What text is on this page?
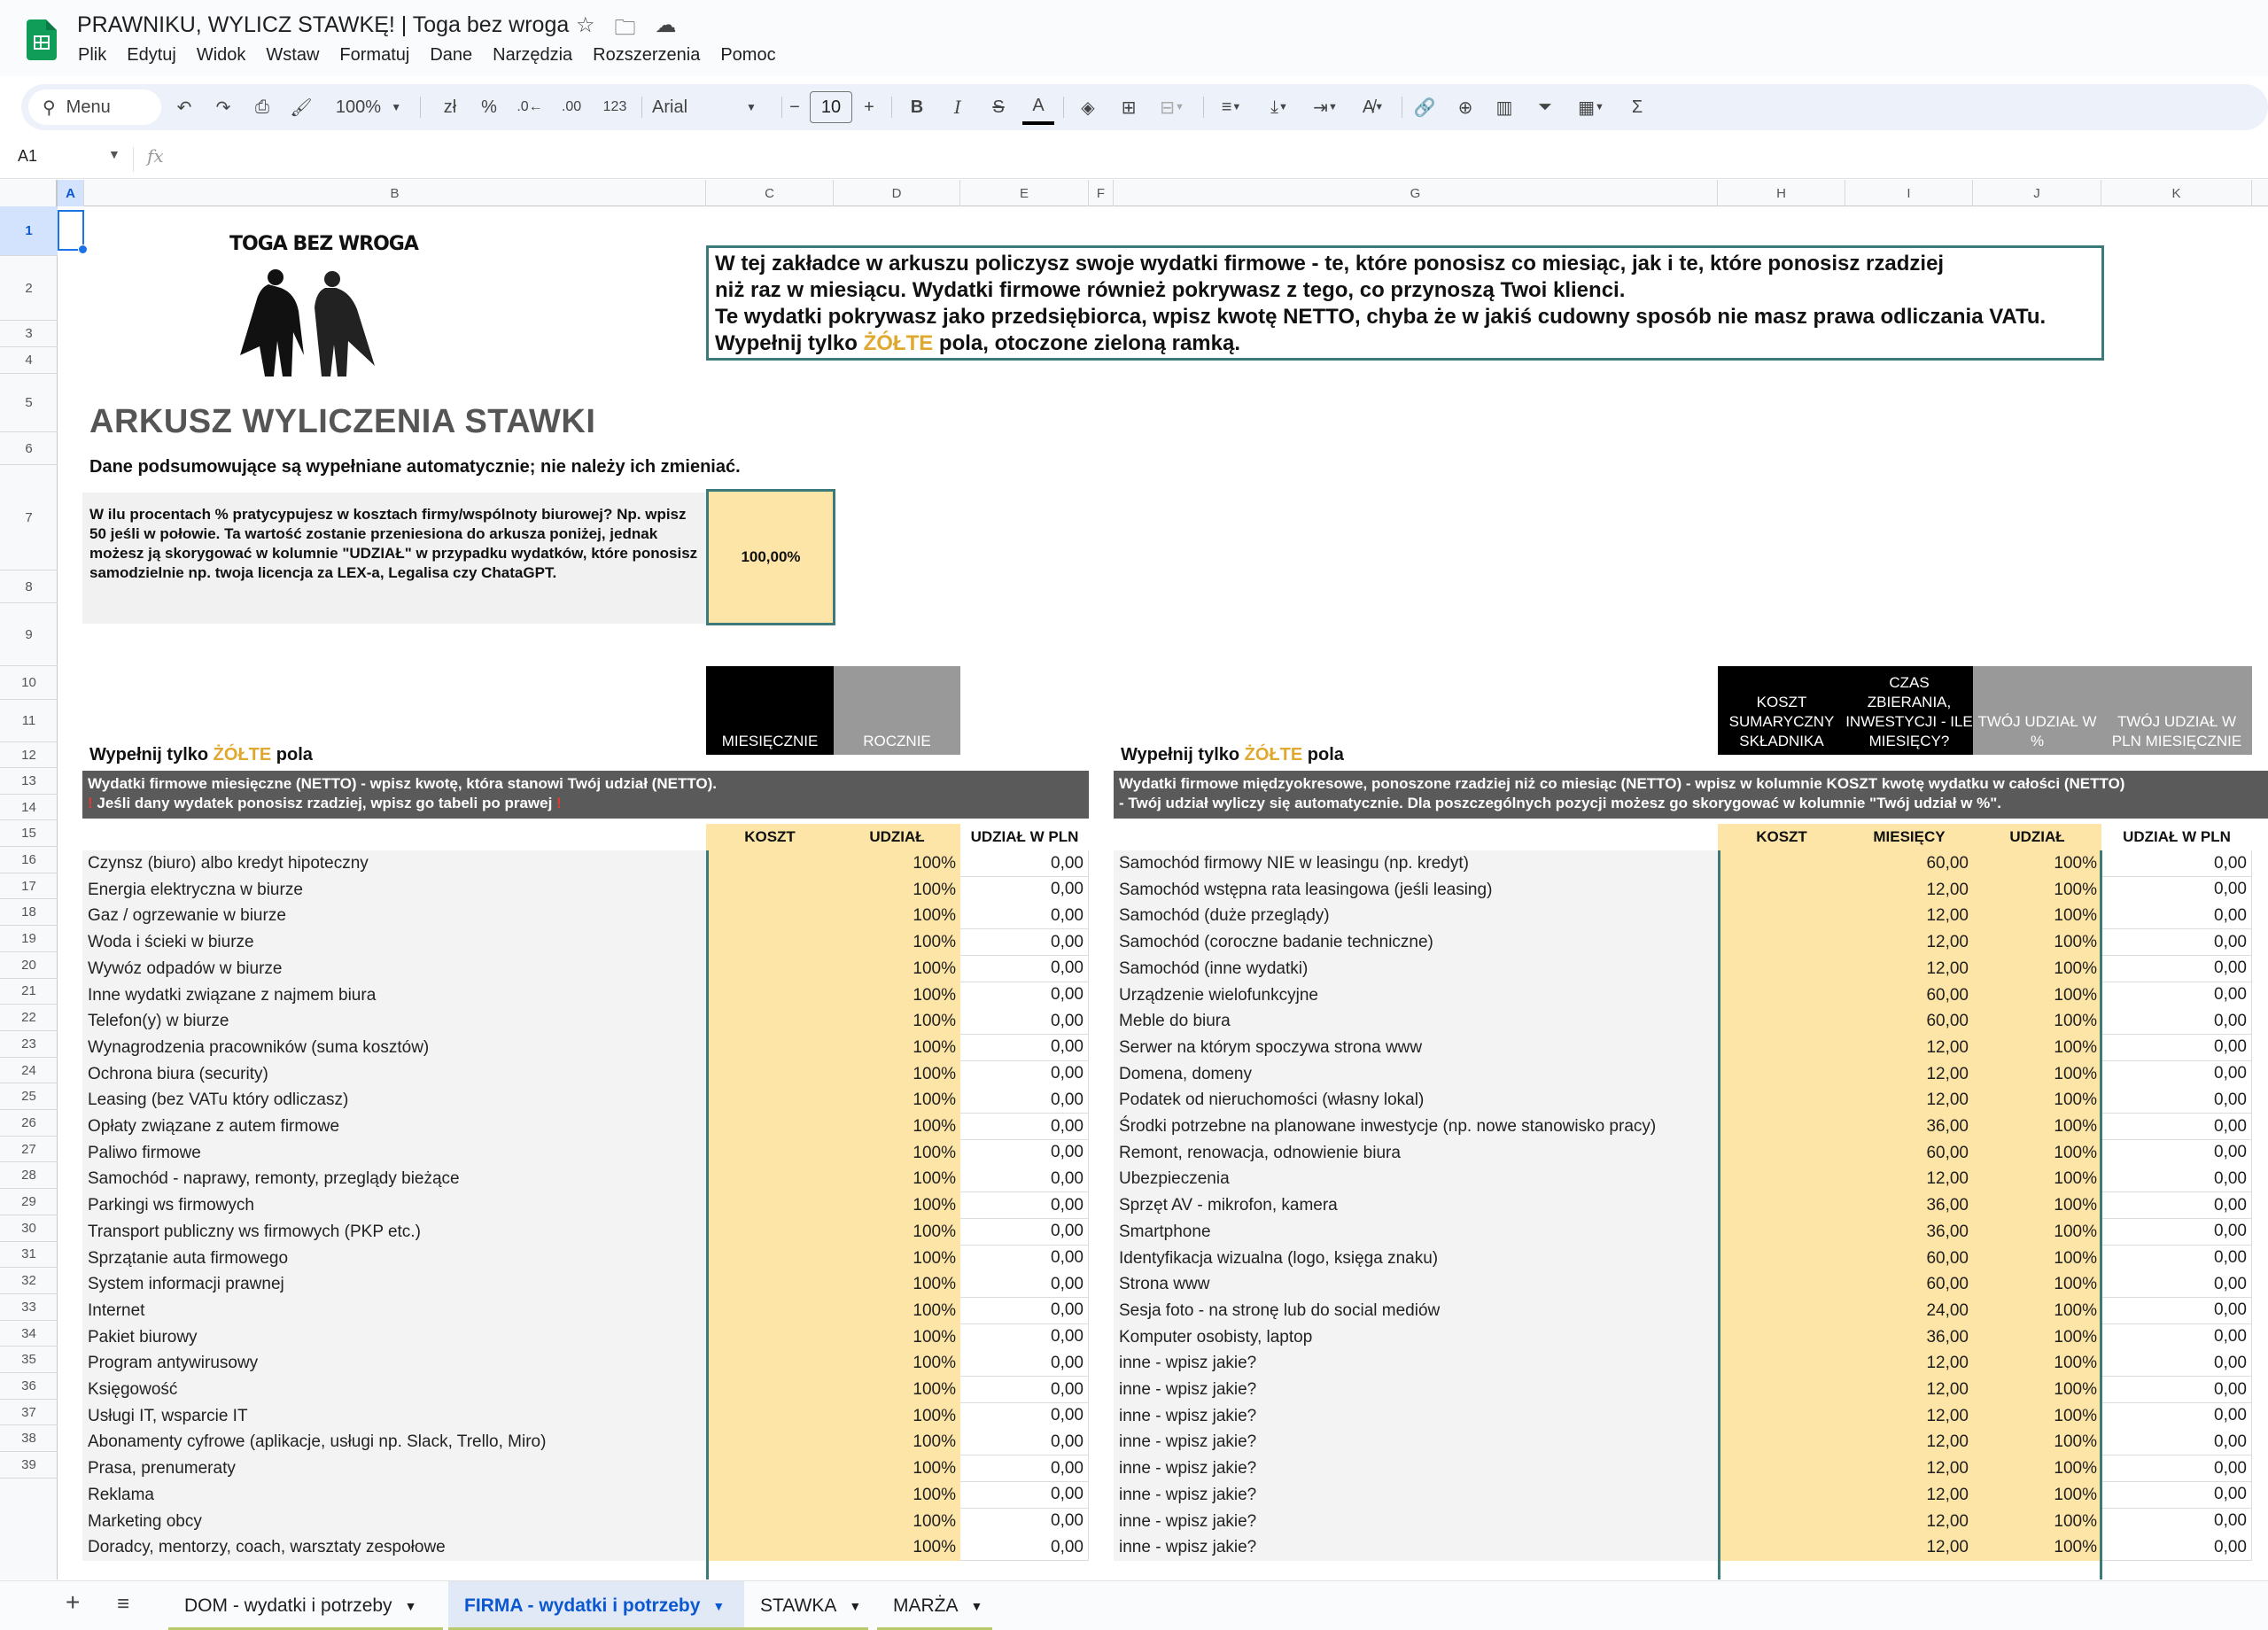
PRAWNIKU, WYLICZ STAWKĘ! | Toga bez wroga ☆ 🗀 ☁
Plik Edytuj Widok Wstaw Formatuj Dane Narzędzia Rozszerzenia Pomoc
⚲ Menu	↶	↷	⎙	🖌 100%
▼	zł	%	.0←	.00	123	Arial	▼	−	10	+	B	I	S	A	◈	⊞	⊟ ▼	≡ ▼	⤓ ▼	⇥ ▼	A̸ ▼ 🔗	⊕	▥	⏷	▦ ▼	Σ
A1	▼ fx
A	B	C	D	E	F	G	H	I	J	K
1
2
3
4
5
6
7
8
9
10
11
12
13
14
15
16
17
18
19
20
21
22
23
24
25
26
27
28
29
30
31
32
33
34
35
36
37
38
39
TOGA BEZ WROGA
W tej zakładce w arkuszu policzysz swoje wydatki firmowe - te, które ponosisz co miesiąc, jak i te, które ponosisz rzadziej
niż raz w miesiącu. Wydatki firmowe również pokrywasz z tego, co przynoszą Twoi klienci.
Te wydatki pokrywasz jako przedsiębiorca, wpisz kwotę NETTO, chyba że w jakiś cudowny sposób nie masz prawa odliczania VATu.
Wypełnij tylko ŻÓŁTE pola, otoczone zieloną ramką.
ARKUSZ WYLICZENIA STAWKI
Dane podsumowujące są wypełniane automatycznie; nie należy ich zmieniać.
W ilu procentach % pratycypujesz w kosztach firmy/wspólnoty biurowej? Np. wpisz 50 jeśli w połowie. Ta wartość zostanie przeniesiona do arkusza poniżej, jednak możesz ją skorygować w kolumnie "UDZIAŁ" w przypadku wydatków, które ponosisz samodzielnie np. twoja licencja za LEX-a, Legalisa czy ChataGPT.
100,00%
MIESIĘCZNIE	ROCZNIE
Wypełnij tylko ŻÓŁTE pola
KOSZT SUMARYCZNY SKŁADNIKA
CZAS ZBIERANIA, INWESTYCJI - ILE MIESIĘCY?
TWÓJ UDZIAŁ W %
TWÓJ UDZIAŁ W PLN MIESIĘCZNIE
Wypełnij tylko ŻÓŁTE pola
Wydatki firmowe miesięczne (NETTO) - wpisz kwotę, która stanowi Twój udział (NETTO).
! Jeśli dany wydatek ponosisz rzadziej, wpisz go tabeli po prawej !
Wydatki firmowe międzyokresowe, ponoszone rzadziej niż co miesiąc (NETTO) - wpisz w kolumnie KOSZT kwotę wydatku w całości (NETTO)
- Twój udział wyliczy się automatycznie. Dla poszczególnych pozycji możesz go skorygować w kolumnie "Twój udział w %".
KOSZT	UDZIAŁ	UDZIAŁ W PLN	KOSZT	MIESIĘCY	UDZIAŁ	UDZIAŁ W PLN
Czynsz (biuro) albo kredyt hipoteczny	100%	0,00
Energia elektryczna w biurze	100%	0,00
Gaz / ogrzewanie w biurze	100%	0,00
Woda i ścieki w biurze	100%	0,00
Wywóz odpadów w biurze	100%	0,00
Inne wydatki związane z najmem biura	100%	0,00
Telefon(y) w biurze	100%	0,00
Wynagrodzenia pracowników (suma kosztów)	100%	0,00
Ochrona biura (security)	100%	0,00
Leasing (bez VATu który odliczasz)	100%	0,00
Opłaty związane z autem firmowe	100%	0,00
Paliwo firmowe	100%	0,00
Samochód - naprawy, remonty, przeglądy bieżące	100%	0,00
Parkingi ws firmowych	100%	0,00
Transport publiczny ws firmowych (PKP etc.)	100%	0,00
Sprzątanie auta firmowego	100%	0,00
System informacji prawnej	100%	0,00
Internet	100%	0,00
Pakiet biurowy	100%	0,00
Program antywirusowy	100%	0,00
Księgowość	100%	0,00
Usługi IT, wsparcie IT	100%	0,00
Abonamenty cyfrowe (aplikacje, usługi np. Slack, Trello, Miro)	100%	0,00
Prasa, prenumeraty	100%	0,00
Reklama	100%	0,00
Marketing obcy	100%	0,00
Doradcy, mentorzy, coach, warsztaty zespołowe	100%	0,00
Samochód firmowy NIE w leasingu (np. kredyt)	60,00	100%	0,00
Samochód wstępna rata leasingowa (jeśli leasing)	12,00	100%	0,00
Samochód (duże przeglądy)	12,00	100%	0,00
Samochód (coroczne badanie techniczne)	12,00	100%	0,00
Samochód (inne wydatki)	12,00	100%	0,00
Urządzenie wielofunkcyjne	60,00	100%	0,00
Meble do biura	60,00	100%	0,00
Serwer na którym spoczywa strona www	12,00	100%	0,00
Domena, domeny	12,00	100%	0,00
Podatek od nieruchomości (własny lokal)	12,00	100%	0,00
Środki potrzebne na planowane inwestycje (np. nowe stanowisko pracy)	36,00	100%	0,00
Remont, renowacja, odnowienie biura	60,00	100%	0,00
Ubezpieczenia	12,00	100%	0,00
Sprzęt AV - mikrofon, kamera	36,00	100%	0,00
Smartphone	36,00	100%	0,00
Identyfikacja wizualna (logo, księga znaku)	60,00	100%	0,00
Strona www	60,00	100%	0,00
Sesja foto - na stronę lub do social mediów	24,00	100%	0,00
Komputer osobisty, laptop	36,00	100%	0,00
inne - wpisz jakie?	12,00	100%	0,00
inne - wpisz jakie?	12,00	100%	0,00
inne - wpisz jakie?	12,00	100%	0,00
inne - wpisz jakie?	12,00	100%	0,00
inne - wpisz jakie?	12,00	100%	0,00
inne - wpisz jakie?	12,00	100%	0,00
inne - wpisz jakie?	12,00	100%	0,00
inne - wpisz jakie?	12,00	100%	0,00
+ ≡	DOM - wydatki i potrzeby ▼	FIRMA - wydatki i potrzeby ▼ STAWKA ▼ MARŻA ▼
